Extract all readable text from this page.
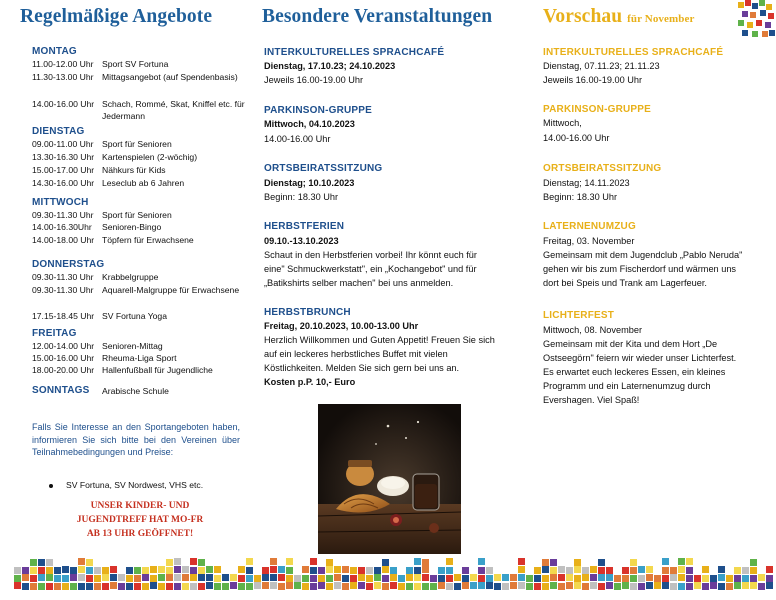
Regelmäßige Angebote
MONTAG
11.00-12.00 Uhr Sport SV Fortuna
11.30-13.00 Uhr Mittagsangebot (auf Spendenbasis)
14.00-16.00 Uhr Schach, Rommé, Skat, Kniffel etc. für Jedermann
DIENSTAG
09.00-11.00 Uhr Sport für Senioren
13.30-16.30 Uhr Kartenspielen (2-wöchig)
15.00-17.00 Uhr Nähkurs für Kids
14.30-16.00 Uhr Leseclub ab 6 Jahren
MITTWOCH
09.30-11.30 Uhr Sport für Senioren
14.00-16.30Uhr	Senioren-Bingo
14.00-18.00 Uhr Töpfern für Erwachsene
DONNERSTAG
09.30-11.30 Uhr Krabbelgruppe
09.30-11.30 Uhr Aquarell-Malgruppe für Erwachsene
17.15-18.45 Uhr SV Fortuna Yoga
FREITAG
12.00-14.00 Uhr Senioren-Mittag
15.00-16.00 Uhr Rheuma-Liga Sport
18.00-20.00 Uhr Hallenfußball für Jugendliche
SONNTAGS Arabische Schule
Falls Sie Interesse an den Sportangeboten haben, informieren Sie sich bitte bei den Vereinen über Teilnahmebedingungen und Preise:
SV Fortuna, SV Nordwest, VHS etc.
UNSER KINDER- UND
JUGENDTREFF HAT MO-FR
AB 13 UHR GEÖFFNET!
Besondere Veranstaltungen
INTERKULTURELLES SPRACHCAFÉ
Dienstag, 17.10.23; 24.10.2023
Jeweils 16.00-19.00 Uhr
PARKINSON-GRUPPE
Mittwoch, 04.10.2023
14.00-16.00 Uhr
ORTSBEIRATSSITZUNG
Dienstag; 10.10.2023
Beginn: 18.30 Uhr
HERBSTFERIEN
09.10.-13.10.2023
Schaut in den Herbstferien vorbei! Ihr könnt euch für
eine" Schmuckwerkstatt", ein „Kochangebot" und für
„Batikshirts selber machen" bei uns anmelden.
HERBSTBRUNCH
Freitag, 20.10.2023, 10.00-13.00 Uhr
Herzlich Willkommen und Guten Appetit! Freuen Sie sich
auf ein leckeres herbstliches Buffet mit vielen
Köstlichkeiten. Melden Sie sich gern bei uns an.
Kosten p.P. 10,- Euro
Vorschau für November
INTERKULTURELLES SPRACHCAFÉ
Dienstag, 07.11.23; 21.11.23
Jeweils 16.00-19.00 Uhr
PARKINSON-GRUPPE
Mittwoch,
14.00-16.00 Uhr
ORTSBEIRATSSITZUNG
Dienstag; 14.11.2023
Beginn: 18.30 Uhr
LATERNENUMZUG
Freitag, 03. November
Gemeinsam mit dem Jugendclub „Pablo Neruda"
gehen wir bis zum Fischerdorf und wärmen uns
dort bei Speis und Trank am Lagerfeuer.
LICHTERFEST
Mittwoch, 08. November
Gemeinsam mit der Kita und dem Hort „De
Ostseegörn" feiern wir wieder unser Lichterfest.
Es erwartet euch leckeres Essen, ein kleines
Programm und ein Laternenumzug durch
Evershagen. Viel Spaß!
